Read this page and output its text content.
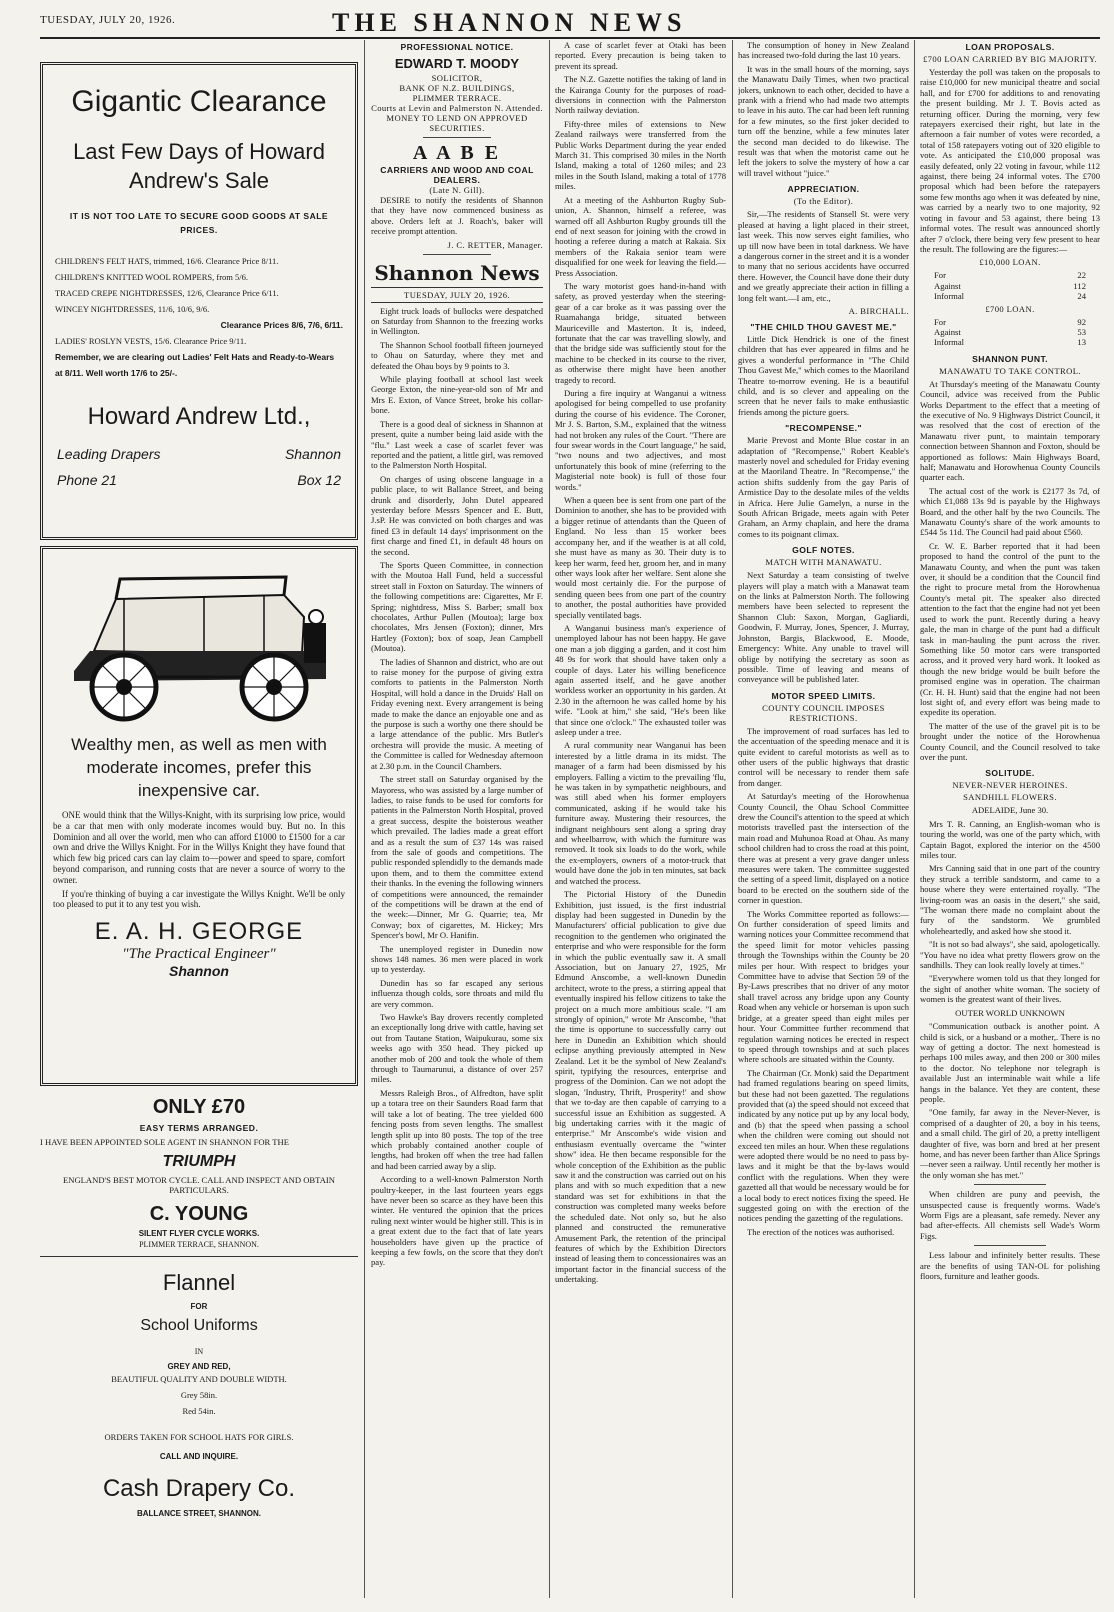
TUESDAY, JULY 20, 1926.	THE SHANNON NEWS
Gigantic Clearance
Last Few Days of Howard Andrew's Sale
IT IS NOT TOO LATE TO SECURE GOOD GOODS AT SALE PRICES.
CHILDREN'S FELT HATS, trimmed, 16/6. Clearance Price 8/11.
CHILDREN'S KNITTED WOOL ROMPERS, from 5/6.
TRACED CREPE NIGHTDRESSES, 12/6, Clearance Price 6/11.
WINCEY NIGHTDRESSES, 11/6, 10/6, 9/6.
Clearance Prices 8/6, 7/6, 6/11.
LADIES' ROSLYN VESTS, 15/6. Clearance Price 9/11.
Remember, we are clearing out Ladies' Felt Hats and Ready-to-Wears at 8/11. Well worth 17/6 to 25/-.
Howard Andrew Ltd.,
Leading Drapers
Phone 21
Shannon
Box 12
Wealthy men, as well as men with moderate incomes, prefer this inexpensive car.

ONE would think that the Willys-Knight, with its surprising low price, would be a car that men with only moderate incomes would buy. But no. In this Dominion and all over the world, men who can afford £1000 to £1500 for a car own and drive the Willys Knight. For in the Willys Knight they have found that which few big priced cars can lay claim to—power and speed to spare, comfort beyond comparison, and running costs that are never a source of worry to the owner.

If you're thinking of buying a car investigate the Willys Knight. We'll be only too pleased to put it to any test you wish.

E. A. H. GEORGE
"The Practical Engineer"
Shannon
ONLY £70
EASY TERMS ARRANGED.
I HAVE BEEN APPOINTED SOLE AGENT IN SHANNON FOR THE
TRIUMPH
ENGLAND'S BEST MOTOR CYCLE. CALL AND INSPECT AND OBTAIN PARTICULARS.
C. YOUNG
SILENT FLYER CYCLE WORKS.
PLIMMER TERRACE, SHANNON.
Flannel
FOR
School Uniforms
IN
GREY AND RED,
BEAUTIFUL QUALITY AND DOUBLE WIDTH.
Grey 58in.
Red 54in.
ORDERS TAKEN FOR SCHOOL HATS FOR GIRLS.
CALL AND INQUIRE.
Cash Drapery Co.
BALLANCE STREET, SHANNON.
PROFESSIONAL NOTICE.
EDWARD T. MOODY
SOLICITOR,
BANK OF N.Z. BUILDINGS,
PLIMMER TERRACE.
Courts at Levin and Palmerston N. Attended.
MONEY TO LEND ON APPROVED SECURITIES.
A A B E
CARRIERS AND WOOD AND COAL DEALERS.
(Late N. Gill).

DESIRE to notify the residents of Shannon that they have now commenced business as above. Orders left at J. Roach's, baker will receive prompt attention.

J. C. RETTER, Manager.
Shannon News
TUESDAY, JULY 20, 1926.

Eight truck loads of bullocks were despatched on Saturday from Shannon to the freezing works in Wellington.

The Shannon School football fifteen journeyed to Ohau on Saturday, where they met and defeated the Ohau boys by 9 points to 3.

While playing football at school last week George Exton, the nine-year-old son of Mr and Mrs E. Exton, of Vance Street, broke his collar-bone.

There is a good deal of sickness in Shannon at present, quite a number being laid aside with the "flu." Last week a case of scarlet fever was reported and the patient, a little girl, was removed to the Palmerston North Hospital.

On charges of using obscene language in a public place, to wit Ballance Street, and being drunk and disorderly, John Dutel appeared yesterday before Messrs Spencer and E. Butt, J.sP. He was convicted on both charges and was fined £3 in default 14 days' imprisonment on the first charge and fined £1, in default 48 hours on the second.

The Sports Queen Committee, in connection with the Moutoa Hall Fund, held a successful street stall in Foxton on Saturday. The winners of the following competitions are: Cigarettes, Mr F. Spring; nightdress, Miss S. Barber; small box chocolates, Arthur Pullen (Moutoa); large box chocolates, Mrs Jensen (Foxton); dinner, Mrs Hartley (Foxton); box of soap, Jean Campbell (Moutoa).

The ladies of Shannon and district, who are out to raise money for the purpose of giving extra comforts to patients in the Palmerston North Hospital, will hold a dance in the Druids' Hall on Friday evening next. Every arrangement is being made to make the dance an enjoyable one and as the purpose is such a worthy one there should be a large attendance of the public. Mrs Butler's orchestra will provide the music. A meeting of the Committee is called for Wednesday afternoon at 2.30 p.m. in the Council Chambers.

The street stall on Saturday organised by the Mayoress, who was assisted by a large number of ladies, to raise funds to be used for comforts for patients in the Palmerston North Hospital, proved a great success, despite the boisterous weather which prevailed. The ladies made a great effort and as a result the sum of £37 14s was raised from the sale of goods and competitions. The public responded splendidly to the demands made upon them, and to them the committee extend their thanks. In the evening the following winners of competitions were announced, the remainder of the competitions will be drawn at the end of the week:—Dinner, Mr G. Quarrie; tea, Mr Conway; box of cigarettes, M. Hickey; Mrs Spencer's bowl, Mr O. Hanifin.

The unemployed register in Dunedin now shows 148 names. 36 men were placed in work up to yesterday.

Dunedin has so far escaped any serious influenza though colds, sore throats and mild flu are very common.

Two Hawke's Bay drovers recently completed an exceptionally long drive with cattle, having set out from Tautane Station, Waipukurau, some six weeks ago with 350 head. They picked up another mob of 200 and took the whole of them through to Taumarunui, a distance of over 257 miles.

Messrs Raleigh Bros., of Alfredton, have split up a totara tree on their Saunders Road farm that will take a lot of beating. The tree yielded 600 fencing posts from seven lengths. The smallest length split up into 80 posts. The top of the tree which probably contained another couple of lengths, had broken off when the tree had fallen and had been carried away by a slip.

According to a well-known Palmerston North poultry-keeper, in the last fourteen years eggs have never been so scarce as they have been this winter. He ventured the opinion that the prices ruling next winter would be higher still. This is in a great extent due to the fact that of late years householders have given up the practice of keeping a few fowls, on the score that they don't pay.

A case of scarlet fever at Otaki has been reported. Every precaution is being taken to prevent its spread.

The N.Z. Gazette notifies the taking of land in the Kairanga County for the purposes of road-diversions in connection with the Palmerston North railway deviation.

Fifty-three miles of extensions to New Zealand railways were transferred from the Public Works Department during the year ended March 31. This comprised 30 miles in the North Island, making a total of 1260 miles; and 23 miles in the South Island, making a total of 1778 miles.

At a meeting of the Ashburton Rugby Sub-union, A. Shannon, himself a referee, was warned off all Ashburton Rugby grounds till the end of next season for joining with the crowd in hooting a referee during a match at Rakaia. Six members of the Rakaia senior team were disqualified for one week for leaving the field.—Press Association.

The wary motorist goes hand-in-hand with safety, as proved yesterday when the steering-gear of a car broke as it was passing over the Ruamahanga bridge, situated between Mauriceville and Masterton. It is, indeed, fortunate that the car was travelling slowly, and that the bridge side was sufficiently stout for the machine to be checked in its course to the river, as otherwise there might have been another tragedy to record.

During a fire inquiry at Wanganui a witness apologised for being compelled to use profanity during the course of his evidence. The Coroner, Mr J. S. Barton, S.M., explained that the witness had not broken any rules of the Court. "There are four swear words in the Court language," he said, "two nouns and two adjectives, and most unfortunately this book of mine (referring to the Magisterial note book) is full of those four words."

When a queen bee is sent from one part of the Dominion to another, she has to be provided with a bigger retinue of attendants than the Queen of England. No less than 15 worker bees accompany her, and if the weather is at all cold, she must have as many as 30. Their duty is to keep her warm, feed her, groom her, and in many other ways look after her welfare. Sent alone she would most certainly die. For the purpose of sending queen bees from one part of the country to another, the postal authorities have provided specially ventilated bags.

A Wanganui business man's experience of unemployed labour has not been happy. He gave one man a job digging a garden, and it cost him 48 9s for work that should have taken only a couple of days. Later his willing beneficence again asserted itself, and he gave another workless worker an opportunity in his garden. At 2.30 in the afternoon he was called home by his wife. "Look at him," she said, "He's been like that since one o'clock." The exhausted toiler was asleep under a tree.

A rural community near Wanganui has been interested by a little drama in its midst. The manager of a farm had been dismissed by his employers. Falling a victim to the prevailing 'flu, he was taken in by sympathetic neighbours, and was still abed when his former employers communicated, asking if he would take his furniture away. Mustering their resources, the indignant neighbours sent along a spring dray and wheelbarrow, with which the furniture was removed. It took six loads to do the work, while the ex-employers, owners of a motor-truck that would have done the job in ten minutes, sat back and watched the process.

The Pictorial History of the Dunedin Exhibition, just issued, is the first industrial display had been suggested in Dunedin by the Manufacturers' official publication to give due recognition to the gentlemen who originated the enterprise and who were responsible for the form in which the public eventually saw it. A small Association, but on January 27, 1925, Mr Edmund Anscombe, a well-known Dunedin architect, wrote to the press, a stirring appeal that eventually inspired his fellow citizens to take the project on a much more ambitious scale. "I am strongly of opinion," wrote Mr Anscombe, "that the time is opportune to successfully carry out here in Dunedin an Exhibition which should eclipse anything previously attempted in New Zealand. Let it be the symbol of New Zealand's spirit, typifying the resources, enterprise and progress of the Dominion. Can we not adopt the slogan, 'Industry, Thrift, Prosperity!' and show that we to-day are then capable of carrying to a successful issue an Exhibition as suggested. A big undertaking carries with it the magic of enterprise." Mr Anscombe's wide vision and enthusiasm eventually overcame the "winter show" idea. He then became responsible for the whole conception of the Exhibition as the public saw it and the construction was carried out on his plans and with so much expedition that a new standard was set for exhibitions in that the construction was completed many weeks before the scheduled date. Not only so, but he also planned and constructed the remunerative Amusement Park, the retention of the principal features of which by the Exhibition Directors instead of leasing them to concessionaires was an important factor in the financial success of the undertaking.

The consumption of honey in New Zealand has increased two-fold during the last 10 years.

It was in the small hours of the morning, says the Manawatu Daily Times, when two practical jokers, unknown to each other, decided to have a prank with a friend who had made two attempts to leave in his auto. The car had been left running for a few minutes, so the first joker decided to turn off the benzine, while a few minutes later the second man decided to do likewise. The result was that when the motorist came out he left the jokers to solve the mystery of how a car will travel without "juice."

APPRECIATION.
(To the Editor).

Sir,—The residents of Stansell St. were very pleased at having a light placed in their street, last week. This now serves eight families, who up till now have been in total darkness. We have a dangerous corner in the street and it is a wonder to many that no serious accidents have occurred there. However, the Council have done their duty and we greatly appreciate their action in filling a long felt want.—I am, etc.,

A. BIRCHALL.
"THE CHILD THOU GAVEST ME."

Little Dick Hendrick is one of the finest children that has ever appeared in films and he gives a wonderful performance in "The Child Thou Gavest Me," which comes to the Maoriland Theatre to-morrow evening. He is a beautiful child, and is so clever and appealing on the screen that he never fails to make enthusiastic friends among the picture goers.

"RECOMPENSE."

Marie Prevost and Monte Blue costar in an adaptation of "Recompense," Robert Keable's masterly novel and scheduled for Friday evening at the Maoriland Theatre. In "Recompense," the action shifts suddenly from the gay Paris of Armistice Day to the desolate miles of the veldts in Africa. Here Julie Gamelyn, a nurse in the South African Brigade, meets again with Peter Graham, an Army chaplain, and here the drama comes to its poignant climax.

GOLF NOTES.
MATCH WITH MANAWATU.

Next Saturday a team consisting of twelve players will play a match with a Manawat team on the links at Palmerston North. The following members have been selected to represent the Shannon Club: Saxon, Morgan, Gagliardi, Goodwin, F. Murray, Jones, Spencer, J. Murray, Johnston, Bargis, Blackwood, E. Moode, Emergency: White. Any unable to travel will oblige by notifying the secretary as soon as possible. Time of leaving and means of conveyance will be published later.

MOTOR SPEED LIMITS.
COUNTY COUNCIL IMPOSES RESTRICTIONS.

The improvement of road surfaces has led to the accentuation of the speeding menace and it is quite evident to careful motorists as well as to other users of the public highways that drastic control will be necessary to render them safe from danger.

At Saturday's meeting of the Horowhenua County Council, the Ohau School Committee drew the Council's attention to the speed at which motorists travelled past the intersection of the main road and Muhunoa Road at Ohau. As many school children had to cross the road at this point, there was at present a very grave danger unless measures were taken. The committee suggested the setting of a speed limit, displayed on a notice board to be erected on the southern side of the corner in question.

The Works Committee reported as follows:—On further consideration of speed limits and warning notices your Committee recommend that the speed limit for motor vehicles passing through the Townships within the County be 20 miles per hour. With respect to bridges your Committee have to advise that Section 59 of the By-Laws prescribes that no driver of any motor shall travel across any bridge upon any County Road when any vehicle or horseman is upon such bridge, at a greater speed than eight miles per hour. Your Committee further recommend that regulation warning notices be erected in respect to speed through townships and at such places where schools are situated within the County.

The Chairman (Cr. Monk) said the Department had framed regulations bearing on speed limits, but these had not been gazetted. The regulations provided that (a) the speed should not exceed that indicated by any notice put up by any local body, and (b) that the speed when passing a school when the children were coming out should not exceed ten miles an hour. When these regulations were adopted there would be no need to pass by-laws and it might be that the by-laws would conflict with the regulations. When they were gazetted all that would be necessary would be for a local body to erect notices fixing the speed. He suggested going on with the erection of the notices pending the gazetting of the regulations.

The erection of the notices was authorised.

LOAN PROPOSALS.
£700 LOAN CARRIED BY BIG MAJORITY.

Yesterday the poll was taken on the proposals to raise £10,000 for new municipal theatre and social hall, and for £700 for additions to and renovating the present building. Mr J. T. Bovis acted as returning officer. During the morning, very few ratepayers exercised their right, but late in the afternoon a fair number of votes were recorded, a total of 158 ratepayers voting out of 320 eligible to vote. As anticipated the £10,000 proposal was easily defeated, only 22 voting in favour, while 112 against, there being 24 informal votes. The £700 proposal which had been before the ratepayers some few months ago when it was defeated by nine, was carried by a nearly two to one majority, 92 voting in favour and 53 against, there being 13 informal votes. The result was announced shortly after 7 o'clock, there being very few present to hear the result. The following are the figures:—

£10,000 LOAN.
For	22
Against	112
Informal	24
£700 LOAN.
For	92
Against	53
Informal	13
SHANNON PUNT.
MANAWATU TO TAKE CONTROL.

At Thursday's meeting of the Manawatu County Council, advice was received from the Public Works Department to the effect that a meeting of the executive of No. 9 Highways District Council, it was resolved that the cost of erection of the Manawatu river punt, to maintain temporary connection between Shannon and Foxton, should be apportioned as follows: Main Highways Board, half; Manawatu and Horowhenua County Councils quarter each.

The actual cost of the work is £2177 3s 7d, of which £1,088 13s 9d is payable by the Highways Board, and the other half by the two Councils. The Manawatu County's share of the work amounts to £544 5s 11d. The Council had paid about £560.

Cr. W. E. Barber reported that it had been proposed to hand the control of the punt to the Manawatu County, and when the punt was taken over, it should be a condition that the Council find the right to procure metal from the Horowhenua County's metal pit. The speaker also directed attention to the fact that the engine had not yet been used to work the punt. Recently during a heavy gale, the man in charge of the punt had a difficult task in man-hauling the punt across the river. Something like 50 motor cars were transported across, and it proved very hard work. It looked as though the new bridge would be built before the promised engine was in operation. The chairman (Cr. H. H. Hunt) said that the engine had not been lost sight of, and every effort was being made to expedite its operation.

The matter of the use of the gravel pit is to be brought under the notice of the Horowhenua County Council, and the Council resolved to take over the punt.

SOLITUDE.
NEVER-NEVER HEROINES.
SANDHILL FLOWERS.

ADELAIDE, June 30.

Mrs T. R. Canning, an English-woman who is touring the world, was one of the party which, with Captain Bagot, explored the interior on the 4500 miles tour.

Mrs Canning said that in one part of the country they struck a terrible sandstorm, and came to a house where they were entertained royally. "The living-room was an oasis in the desert," she said, "The woman there made no complaint about the fury of the sandstorm. We grumbled wholeheartedly, and asked how she stood it.

"It is not so bad always", she said, apologetically. "You have no idea what pretty flowers grow on the sandhills. They can look really lovely at times."

"Everywhere women told us that they longed for the sight of another white woman. The society of women is the greatest want of their lives.

OUTER WORLD UNKNOWN

"Communication outback is another point. A child is sick, or a husband or a mother,. There is no way of getting a doctor. The next homestead is perhaps 100 miles away, and then 200 or 300 miles to the doctor. No telephone nor telegraph is available Just an interminable wait while a life hangs in the balance. Yet they are content, these people.

"One family, far away in the Never-Never, is comprised of a daughter of 20, a boy in his teens, and a small child. The girl of 20, a pretty intelligent daughter of five, was born and bred at her present home, and has never been farther than Alice Springs —never seen a railway. Until recently her mother is the only woman she has met."

When children are puny and peevish, the unsuspected cause is frequently worms. Wade's Worm Figs are a pleasant, safe remedy. Never any bad after-effects. All chemists sell Wade's Worm Figs.

Less labour and infinitely better results. These are the benefits of using TAN-OL for polishing floors, furniture and leather goods.
